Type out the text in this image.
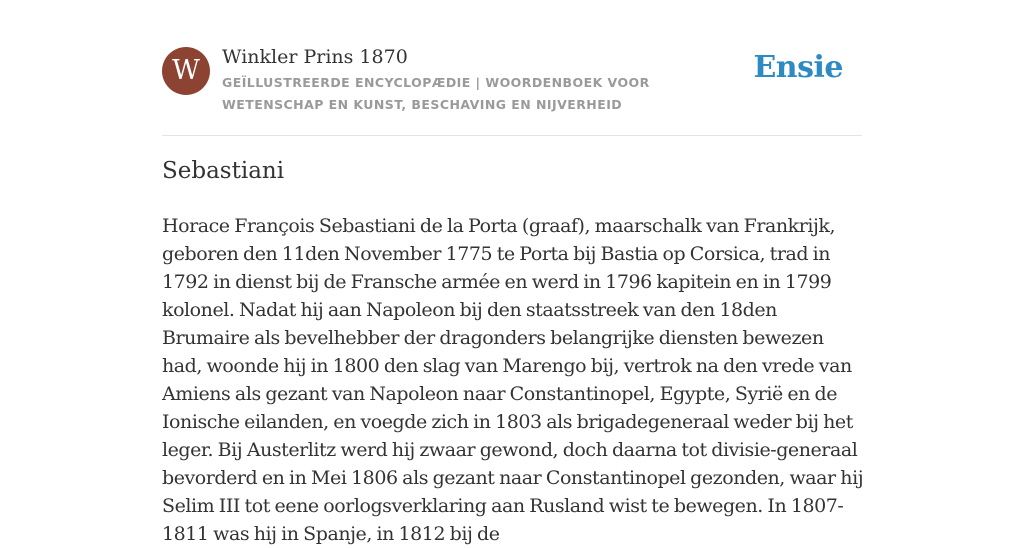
W	Winkler Prins 1870
GEÏLLUSTREERDE ENCYCLOPÆDIE | WOORDENBOEK VOOR WETENSCHAP EN KUNST, BESCHAVING EN NIJVERHEID
Ensie
Sebastiani

Horace François Sebastiani de la Porta (graaf), maarschalk van Frankrijk, geboren den 11den November 1775 te Porta bij Bastia op Corsica, trad in 1792 in dienst bij de Fransche armée en werd in 1796 kapitein en in 1799 kolonel. Nadat hij aan Napoleon bij den staatsstreek van den 18den Brumaire als bevelhebber der dragonders belangrijke diensten bewezen had, woonde hij in 1800 den slag van Marengo bij, vertrok na den vrede van Amiens als gezant van Napoleon naar Constantinopel, Egypte, Syrië en de Ionische eilanden, en voegde zich in 1803 als brigadegeneraal weder bij het leger. Bij Austerlitz werd hij zwaar gewond, doch daarna tot divisie-generaal bevorderd en in Mei 1806 als gezant naar Constantinopel gezonden, waar hij Selim III tot eene oorlogsverklaring aan Rusland wist te bewegen. In 1807-1811 was hij in Spanje, in 1812 bij de
